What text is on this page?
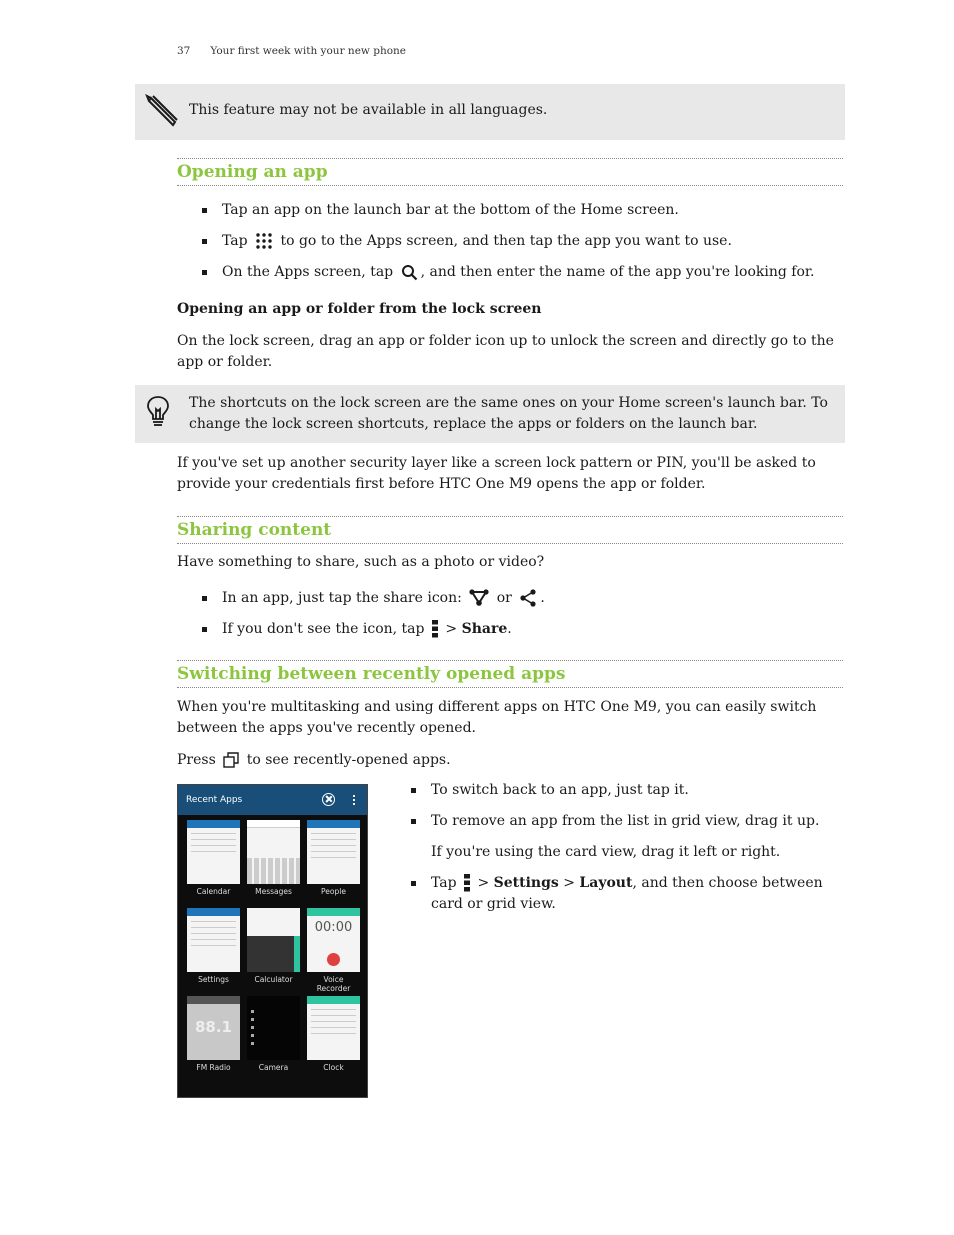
37 Your first week with your new phone
This feature may not be available in all languages.
Opening an app
Tap an app on the launch bar at the bottom of the Home screen.
Tap to go to the Apps screen, and then tap the app you want to use.
On the Apps screen, tap , and then enter the name of the app you're looking for.
Opening an app or folder from the lock screen
On the lock screen, drag an app or folder icon up to unlock the screen and directly go to the app or folder.
The shortcuts on the lock screen are the same ones on your Home screen's launch bar. To change the lock screen shortcuts, replace the apps or folders on the launch bar.
If you've set up another security layer like a screen lock pattern or PIN, you'll be asked to provide your credentials first before HTC One M9 opens the app or folder.
Sharing content
Have something to share, such as a photo or video?
In an app, just tap the share icon: or .
If you don't see the icon, tap > Share.
Switching between recently opened apps
When you're multitasking and using different apps on HTC One M9, you can easily switch between the apps you've recently opened.
Press to see recently-opened apps.
Recent Apps
Calendar	Messages	People
Settings	Calculator
00:00
Voice Recorder
88.1
FM Radio	Camera	Clock
To switch back to an app, just tap it.
To remove an app from the list in grid view, drag it up.
If you're using the card view, drag it left or right.
Tap > Settings > Layout, and then choose between card or grid view.
